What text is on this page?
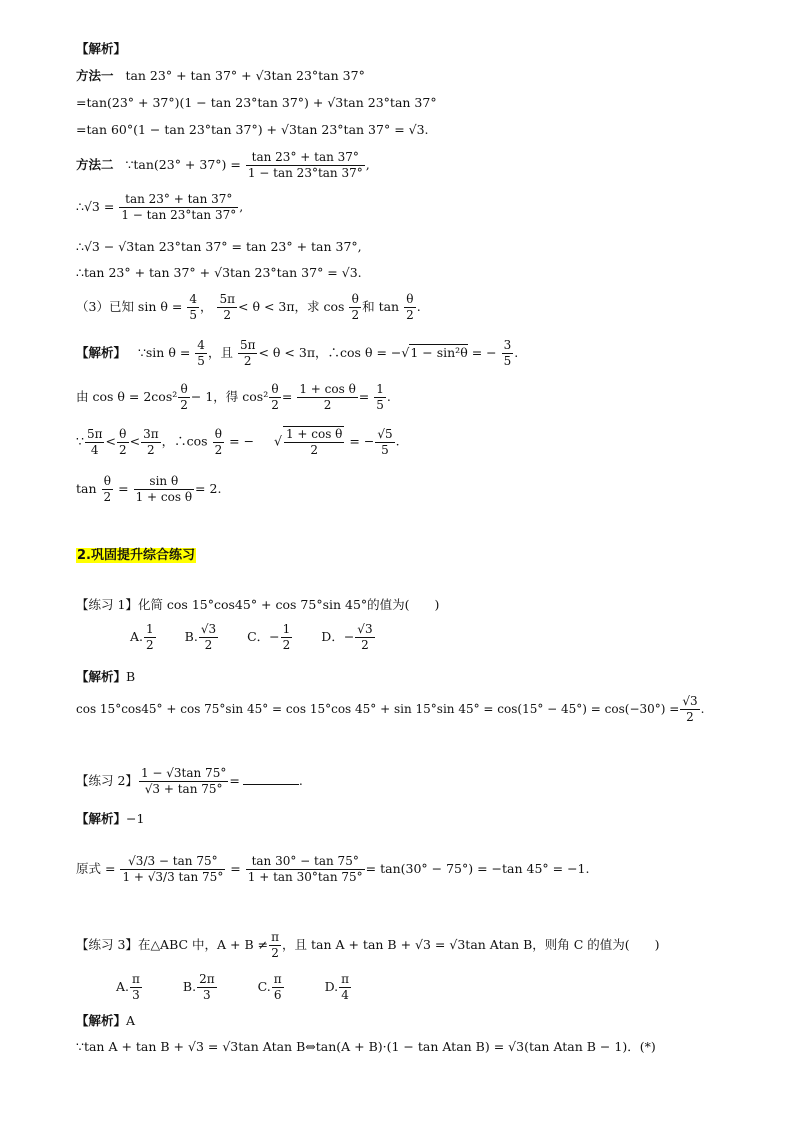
【解析】
方法一 tan 23° + tan 37° + √3tan 23°tan 37°
=tan(23° + 37°)(1 − tan 23°tan 37°) + √3tan 23°tan 37°
=tan 60°(1 − tan 23°tan 37°) + √3tan 23°tan 37° = √3.
方法二 ∵tan(23° + $37^\circ) = \frac{\tan 23^\circ + \tan 37^\circ}{1 - \tan 23^\circ\tan 37^\circ}$ ,
∴√3 = $\frac{\tan 23^\circ + \tan 37^\circ}{1 - \tan 23^\circ\tan 37^\circ}$ ,
∴√3 − √3tan 23°tan 37° = tan 23° + tan 37°,
∴tan 23° + tan 37° + √3tan 23°tan 37° = √3.
（3）已知 $\sin \theta = \frac{4}{5}$ ， $\frac{5\pi}{2} < \theta < 3\pi$，求 $\cos \frac{\theta}{2}$ 和 $\tan \frac{\theta}{2}$ .
【解析】 ∵sin $\theta = \frac{4}{5}$ ，且 $\frac{5\pi}{2} < \theta < 3\pi$，∴cos θ = −√1 − sin²θ = − $\frac{3}{5}$ .
由 $\cos \theta = 2\cos^2 \frac{\theta}{2} - 1$，得 $\cos^2 \frac{\theta}{2} = \frac{\text{1 + cos θ}}{2} = \frac{1}{5}$ .
∵ $\frac{5\pi}{4} < \frac{\theta}{2} < \frac{3\pi}{2}$ ，∴cos $\frac{\theta}{2}$ = −     √ $\frac{\text{1 + cos θ}}{2}$ = − $\frac{√5}{5}$ .
$\tan \frac{\theta}{2} = \frac{\text{sin θ}}{\text{1 + cos θ}} = 2$.
2.巩固提升综合练习
【练习 1】化简 cos 15°cos45° + cos 75°sin 45°的值为(　　)
A. $\frac{1}{2} B$. $\frac{√3}{2}$ C．− $\frac{1}{2}$ D．− $\frac{√3}{2}$
【解析】B
cos 15°cos45° + cos 75°sin 45° = cos 15°cos 45° + sin 15°sin $45^\circ = \cos(15^\circ - 45^\circ) = \cos(-30^\circ) = \frac{√3}{2}$ .
【练习 2】 $\frac{1 - √3\tan 75^\circ}{√3 + \tan 75^\circ}$ =	.
【解析】−1
原式 = $\frac{√3/3 - \tan 75^\circ}{1 + √3/3 \tan 75^\circ} = \frac{\tan 30^\circ - \tan 75^\circ}{1 + \tan 30^\circ\tan 75^\circ} = \tan(30^\circ - 75^\circ) = -\tan$ 45° = −1.
【练习 3】在△ABC 中，$A + B \ne \frac{\pi}{2}$ ，且 tan A + tan B + √3 = √3tan Atan B，则角 C 的值为(　　)
A. $\frac{\pi}{3}$	B. $\frac{2\pi}{3}$	C. $\frac{\pi}{6}$	D. $\frac{\pi}{4}$
【解析】A
∵tan A + tan B + √3 = √3tan Atan B⇔tan(A + B)·(1 − tan Atan B) = √3(tan Atan B − 1)．(*)
